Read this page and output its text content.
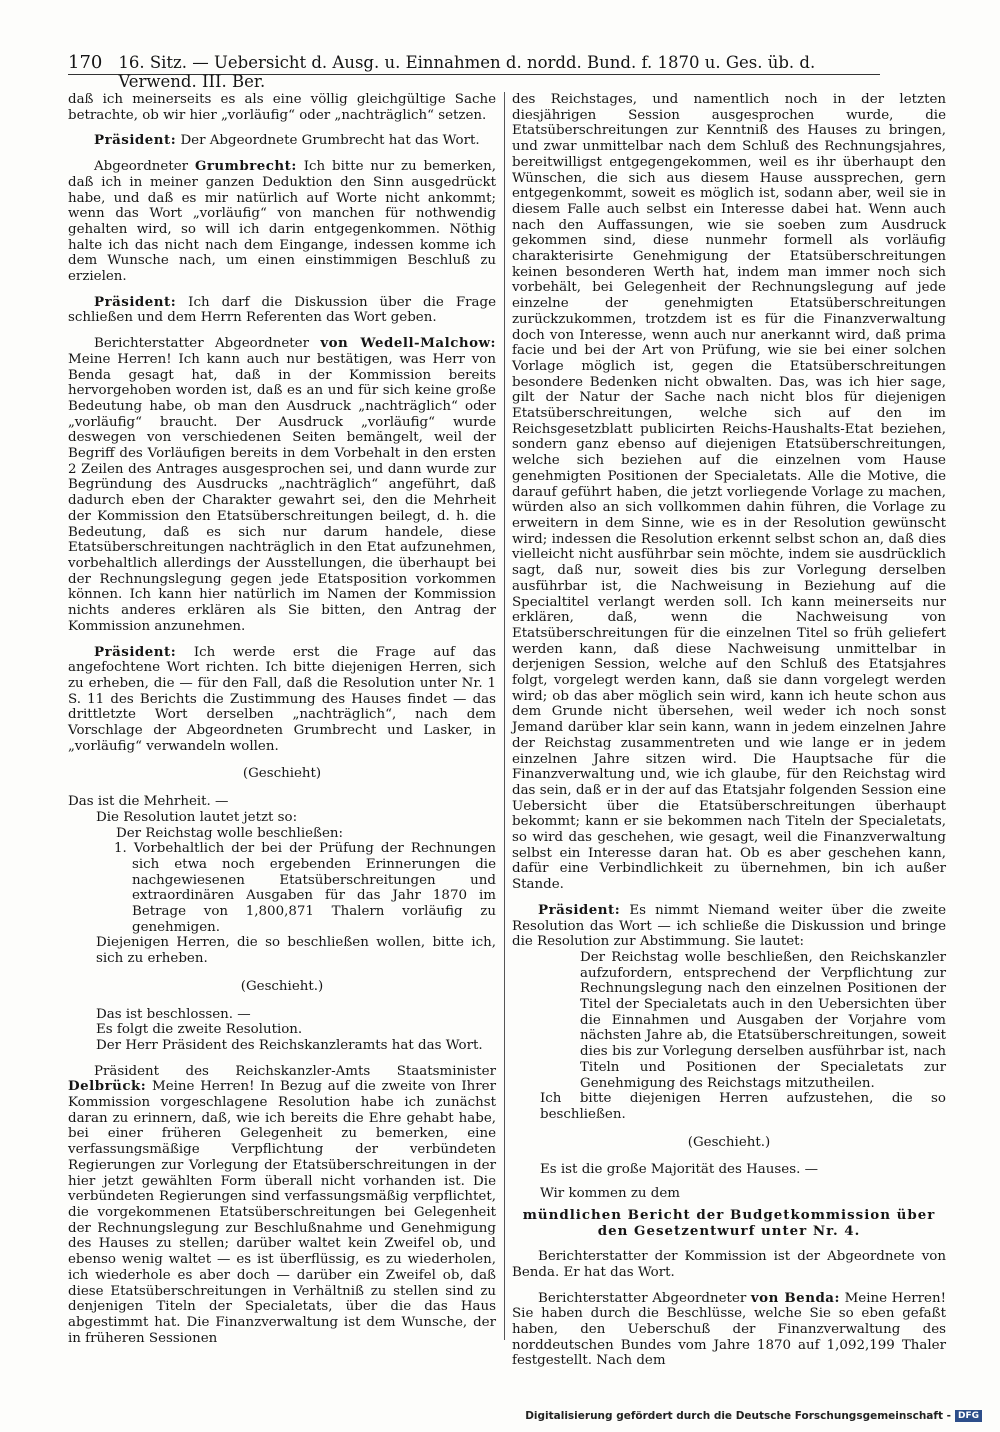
170 16. Sitz. — Uebersicht d. Ausg. u. Einnahmen d. nordd. Bund. f. 1870 u. Ges. üb. d. Verwend. III. Ber.

daß ich meinerseits es als eine völlig gleichgültige Sache betrachte, ob wir hier „vorläufig“ oder „nachträglich“ setzen.

Präsident: Der Abgeordnete Grumbrecht hat das Wort.

Abgeordneter Grumbrecht: Ich bitte nur zu bemerken, daß ich in meiner ganzen Deduktion den Sinn ausgedrückt habe, und daß es mir natürlich auf Worte nicht ankommt; wenn das Wort „vorläufig“ von manchen für nothwendig gehalten wird, so will ich darin entgegenkommen. Nöthig halte ich das nicht nach dem Eingange, indessen komme ich dem Wunsche nach, um einen einstimmigen Beschluß zu erzielen.

Präsident: Ich darf die Diskussion über die Frage schließen und dem Herrn Referenten das Wort geben.

Berichterstatter Abgeordneter von Wedell-Malchow: Meine Herren! Ich kann auch nur bestätigen, was Herr von Benda gesagt hat, daß in der Kommission bereits hervorgehoben worden ist, daß es an und für sich keine große Bedeutung habe, ob man den Ausdruck „nachträglich“ oder „vorläufig“ braucht. Der Ausdruck „vorläufig“ wurde deswegen von verschiedenen Seiten bemängelt, weil der Begriff des Vorläufigen bereits in dem Vorbehalt in den ersten 2 Zeilen des Antrages ausgesprochen sei, und dann wurde zur Begründung des Ausdrucks „nachträglich“ angeführt, daß dadurch eben der Charakter gewahrt sei, den die Mehrheit der Kommission den Etatsüberschreitungen beilegt, d. h. die Bedeutung, daß es sich nur darum handele, diese Etatsüberschreitungen nachträglich in den Etat aufzunehmen, vorbehaltlich allerdings der Ausstellungen, die überhaupt bei der Rechnungslegung gegen jede Etatsposition vorkommen können. Ich kann hier natürlich im Namen der Kommission nichts anderes erklären als Sie bitten, den Antrag der Kommission anzunehmen.

Präsident: Ich werde erst die Frage auf das angefochtene Wort richten. Ich bitte diejenigen Herren, sich zu erheben, die — für den Fall, daß die Resolution unter Nr. 1 S. 11 des Berichts die Zustimmung des Hauses findet — das drittletzte Wort derselben „nachträglich“, nach dem Vorschlage der Abgeordneten Grumbrecht und Lasker, in „vorläufig“ verwandeln wollen.

(Geschieht)

Das ist die Mehrheit. —

Die Resolution lautet jetzt so:

Der Reichstag wolle beschließen:

1. Vorbehaltlich der bei der Prüfung der Rechnungen sich etwa noch ergebenden Erinnerungen die nachgewiesenen Etatsüberschreitungen und extraordinären Ausgaben für das Jahr 1870 im Betrage von 1,800,871 Thalern vorläufig zu genehmigen.

Diejenigen Herren, die so beschließen wollen, bitte ich, sich zu erheben.

(Geschieht.)

Das ist beschlossen. —

Es folgt die zweite Resolution.

Der Herr Präsident des Reichskanzleramts hat das Wort.

Präsident des Reichskanzler-Amts Staatsminister Delbrück: Meine Herren! In Bezug auf die zweite von Ihrer Kommission vorgeschlagene Resolution habe ich zunächst daran zu erinnern, daß, wie ich bereits die Ehre gehabt habe, bei einer früheren Gelegenheit zu bemerken, eine verfassungsmäßige Verpflichtung der verbündeten Regierungen zur Vorlegung der Etatsüberschreitungen in der hier jetzt gewählten Form überall nicht vorhanden ist. Die verbündeten Regierungen sind verfassungsmäßig verpflichtet, die vorgekommenen Etatsüberschreitungen bei Gelegenheit der Rechnungslegung zur Beschlußnahme und Genehmigung des Hauses zu stellen; darüber waltet kein Zweifel ob, und ebenso wenig waltet — es ist überflüssig, es zu wiederholen, ich wiederhole es aber doch — darüber ein Zweifel ob, daß diese Etatsüberschreitungen in Verhältniß zu stellen sind zu denjenigen Titeln der Specialetats, über die das Haus abgestimmt hat. Die Finanzverwaltung ist dem Wunsche, der in früheren Sessionen

des Reichstages, und namentlich noch in der letzten diesjährigen Session ausgesprochen wurde, die Etatsüberschreitungen zur Kenntniß des Hauses zu bringen, und zwar unmittelbar nach dem Schluß des Rechnungsjahres, bereitwilligst entgegengekommen, weil es ihr überhaupt den Wünschen, die sich aus diesem Hause aussprechen, gern entgegenkommt, soweit es möglich ist, sodann aber, weil sie in diesem Falle auch selbst ein Interesse dabei hat. Wenn auch nach den Auffassungen, wie sie soeben zum Ausdruck gekommen sind, diese nunmehr formell als vorläufig charakterisirte Genehmigung der Etatsüberschreitungen keinen besonderen Werth hat, indem man immer noch sich vorbehält, bei Gelegenheit der Rechnungslegung auf jede einzelne der genehmigten Etatsüberschreitungen zurückzukommen, trotzdem ist es für die Finanzverwaltung doch von Interesse, wenn auch nur anerkannt wird, daß prima facie und bei der Art von Prüfung, wie sie bei einer solchen Vorlage möglich ist, gegen die Etatsüberschreitungen besondere Bedenken nicht obwalten. Das, was ich hier sage, gilt der Natur der Sache nach nicht blos für diejenigen Etatsüberschreitungen, welche sich auf den im Reichsgesetzblatt publicirten Reichs-Haushalts-Etat beziehen, sondern ganz ebenso auf diejenigen Etatsüberschreitungen, welche sich beziehen auf die einzelnen vom Hause genehmigten Positionen der Specialetats. Alle die Motive, die darauf geführt haben, die jetzt vorliegende Vorlage zu machen, würden also an sich vollkommen dahin führen, die Vorlage zu erweitern in dem Sinne, wie es in der Resolution gewünscht wird; indessen die Resolution erkennt selbst schon an, daß dies vielleicht nicht ausführbar sein möchte, indem sie ausdrücklich sagt, daß nur, soweit dies bis zur Vorlegung derselben ausführbar ist, die Nachweisung in Beziehung auf die Specialtitel verlangt werden soll. Ich kann meinerseits nur erklären, daß, wenn die Nachweisung von Etatsüberschreitungen für die einzelnen Titel so früh geliefert werden kann, daß diese Nachweisung unmittelbar in derjenigen Session, welche auf den Schluß des Etatsjahres folgt, vorgelegt werden kann, daß sie dann vorgelegt werden wird; ob das aber möglich sein wird, kann ich heute schon aus dem Grunde nicht übersehen, weil weder ich noch sonst Jemand darüber klar sein kann, wann in jedem einzelnen Jahre der Reichstag zusammentreten und wie lange er in jedem einzelnen Jahre sitzen wird. Die Hauptsache für die Finanzverwaltung und, wie ich glaube, für den Reichstag wird das sein, daß er in der auf das Etatsjahr folgenden Session eine Uebersicht über die Etatsüberschreitungen überhaupt bekommt; kann er sie bekommen nach Titeln der Specialetats, so wird das geschehen, wie gesagt, weil die Finanzverwaltung selbst ein Interesse daran hat. Ob es aber geschehen kann, dafür eine Verbindlichkeit zu übernehmen, bin ich außer Stande.

Präsident: Es nimmt Niemand weiter über die zweite Resolution das Wort — ich schließe die Diskussion und bringe die Resolution zur Abstimmung. Sie lautet:

Der Reichstag wolle beschließen, den Reichskanzler aufzufordern, entsprechend der Verpflichtung zur Rechnungslegung nach den einzelnen Positionen der Titel der Specialetats auch in den Uebersichten über die Einnahmen und Ausgaben der Vorjahre vom nächsten Jahre ab, die Etatsüberschreitungen, soweit dies bis zur Vorlegung derselben ausführbar ist, nach Titeln und Positionen der Specialetats zur Genehmigung des Reichstags mitzutheilen.

Ich bitte diejenigen Herren aufzustehen, die so beschließen.

(Geschieht.)

Es ist die große Majorität des Hauses. —

Wir kommen zu dem

mündlichen Bericht der Budgetkommission über den Gesetzentwurf unter Nr. 4.

Berichterstatter der Kommission ist der Abgeordnete von Benda. Er hat das Wort.

Berichterstatter Abgeordneter von Benda: Meine Herren! Sie haben durch die Beschlüsse, welche Sie so eben gefaßt haben, den Ueberschuß der Finanzverwaltung des norddeutschen Bundes vom Jahre 1870 auf 1,092,199 Thaler festgestellt. Nach dem

Digitalisierung gefördert durch die Deutsche Forschungsgemeinschaft - DFG
